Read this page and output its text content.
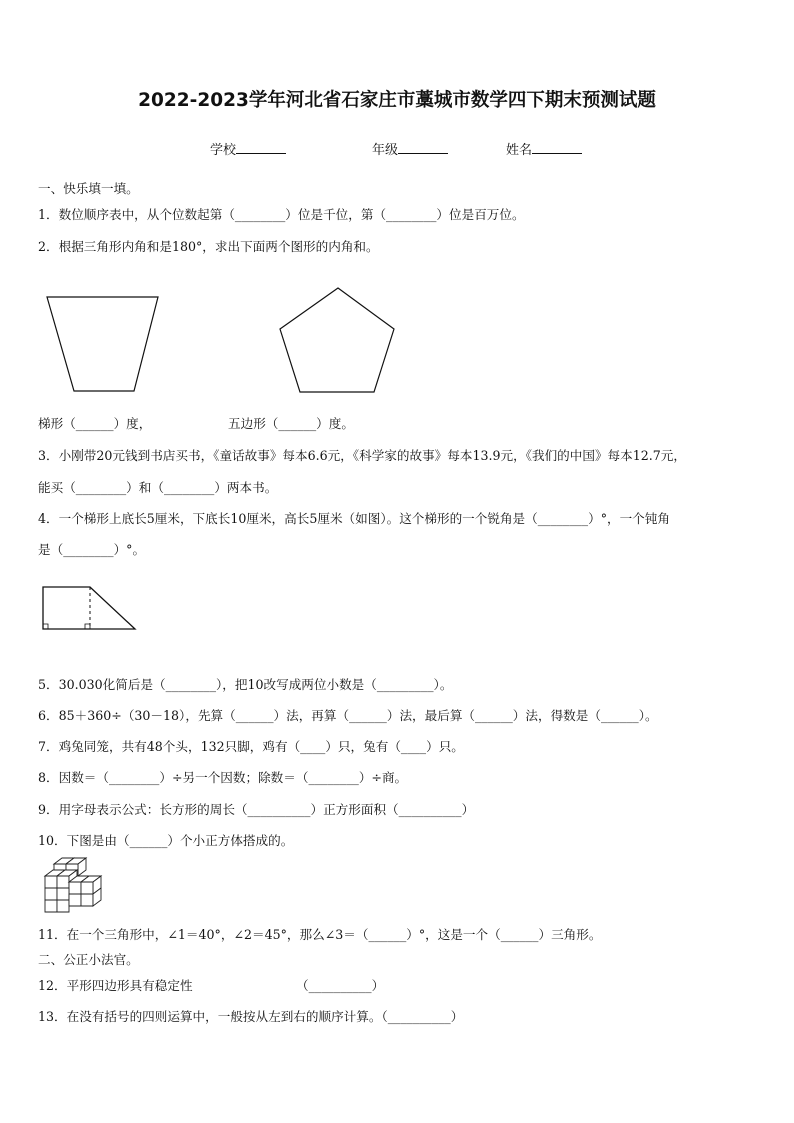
2022-2023学年河北省石家庄市藁城市数学四下期末预测试题
学校	年级	姓名
一、快乐填一填。
1．数位顺序表中，从个位数起第（________）位是千位，第（________）位是百万位。
2．根据三角形内角和是180°，求出下面两个图形的内角和。
梯形（______）度，	五边形（______）度。
3．小刚带20元钱到书店买书，《童话故事》每本6.6元，《科学家的故事》每本13.9元，《我们的中国》每本12.7元，
能买（________）和（________）两本书。
4．一个梯形上底长5厘米，下底长10厘米，高长5厘米（如图）。这个梯形的一个锐角是（________）°，一个钝角
是（________）°。
5．30.030化简后是（________），把10改写成两位小数是（_________）。
6．85＋360÷（30－18），先算（______）法，再算（______）法，最后算（______）法，得数是（______）。
7．鸡兔同笼，共有48个头，132只脚，鸡有（____）只，兔有（____）只。
8．因数＝（________）÷另一个因数；除数＝（________）÷商。
9．用字母表示公式：长方形的周长（__________）正方形面积（__________）
10．下图是由（______）个小正方体搭成的。
11．在一个三角形中，∠1＝40°，∠2＝45°，那么∠3＝（______）°，这是一个（______）三角形。
二、公正小法官。
12．平形四边形具有稳定性	（__________）
13．在没有括号的四则运算中，一般按从左到右的顺序计算。（__________）
